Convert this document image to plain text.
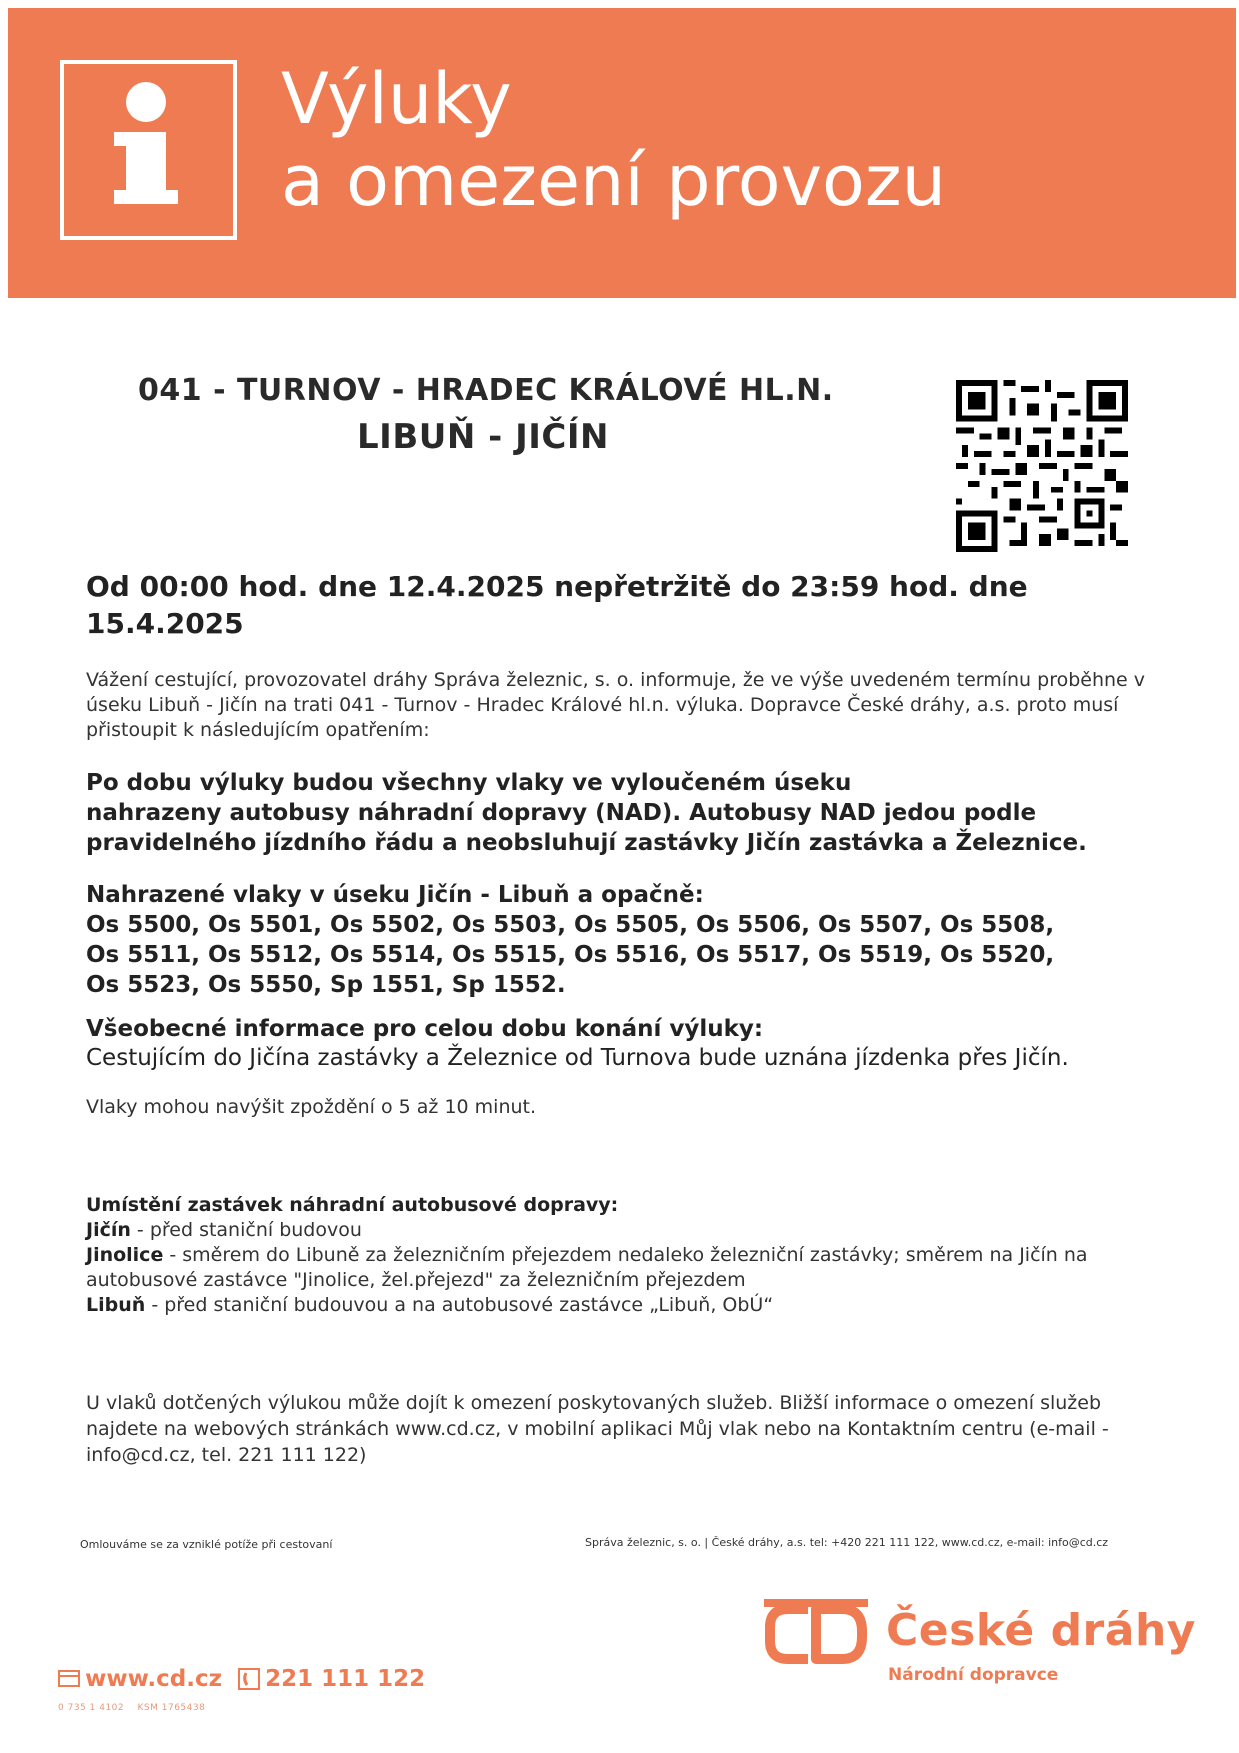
Výluky
a omezení provozu
041 - TURNOV - HRADEC KRÁLOVÉ HL.N.
LIBUŇ - JIČÍN
Od 00:00 hod. dne 12.4.2025 nepřetržitě do 23:59 hod. dne 15.4.2025
Vážení cestující, provozovatel dráhy Správa železnic, s. o. informuje, že ve výše uvedeném termínu proběhne v úseku Libuň - Jičín na trati 041 - Turnov - Hradec Králové hl.n. výluka. Dopravce České dráhy, a.s. proto musí přistoupit k následujícím opatřením:
Po dobu výluky budou všechny vlaky ve vyloučeném úseku
nahrazeny autobusy náhradní dopravy (NAD). Autobusy NAD jedou podle
pravidelného jízdního řádu a neobsluhují zastávky Jičín zastávka a Železnice.
Nahrazené vlaky v úseku Jičín - Libuň a opačně:
Os 5500, Os 5501, Os 5502, Os 5503, Os 5505, Os 5506, Os 5507, Os 5508,
Os 5511, Os 5512, Os 5514, Os 5515, Os 5516, Os 5517, Os 5519, Os 5520,
Os 5523, Os 5550, Sp 1551, Sp 1552.
Všeobecné informace pro celou dobu konání výluky:
Cestujícím do Jičína zastávky a Železnice od Turnova bude uznána jízdenka přes Jičín.
Vlaky mohou navýšit zpoždění o 5 až 10 minut.
Umístění zastávek náhradní autobusové dopravy:
Jičín - před staniční budovou
Jinolice - směrem do Libuně za železničním přejezdem nedaleko železniční zastávky; směrem na Jičín na autobusové zastávce "Jinolice, žel.přejezd" za železničním přejezdem
Libuň - před staniční budouvou a na autobusové zastávce „Libuň, ObÚ“
U vlaků dotčených výlukou může dojít k omezení poskytovaných služeb. Bližší informace o omezení služeb najdete na webových stránkách www.cd.cz, v mobilní aplikaci Můj vlak nebo na Kontaktním centru (e-mail - info@cd.cz, tel. 221 111 122)
Omlouváme se za vzniklé potíže při cestovaní	Správa železnic, s. o. | České dráhy, a.s. tel: +420 221 111 122, www.cd.cz, e-mail: info@cd.cz
České dráhy
Národní dopravce
www.cd.cz	221 111 122
0 735 1 4102 KSM 1765438
